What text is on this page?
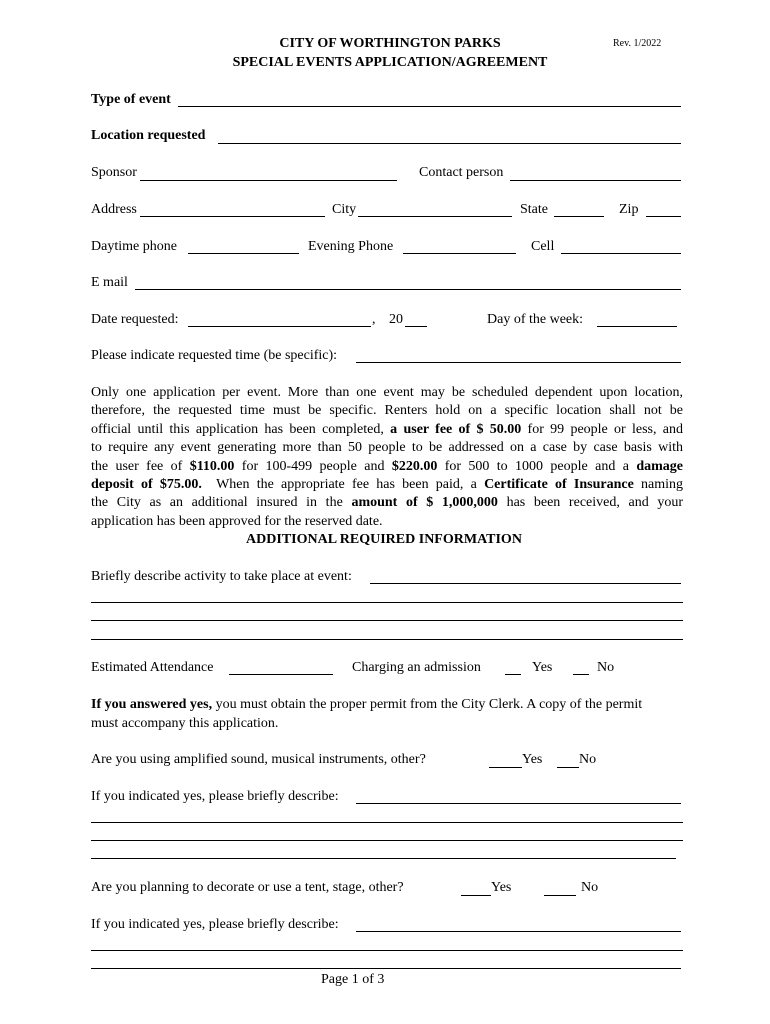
CITY OF WORTHINGTON PARKS
SPECIAL EVENTS APPLICATION/AGREEMENT
Rev. 1/2022
Type of event
Location requested
Sponsor	Contact person
Address	City	State	Zip
Daytime phone	Evening Phone	Cell
E mail
Date requested:	, 20	Day of the week:
Please indicate requested time (be specific):
Only one application per event. More than one event may be scheduled dependent upon location,
therefore, the requested time must be specific. Renters hold on a specific location shall not be
official until this application has been completed, a user fee of $ 50.00 for 99 people or less, and
to require any event generating more than 50 people to be addressed on a case by case basis with
the user fee of $110.00 for 100-499 people and $220.00 for 500 to 1000 people and a damage
deposit of $75.00.  When the appropriate fee has been paid, a Certificate of Insurance naming
the City as an additional insured in the amount of $ 1,000,000 has been received, and your
application has been approved for the reserved date.
ADDITIONAL REQUIRED INFORMATION
Briefly describe activity to take place at event:
Estimated Attendance	Charging an admission	Yes	No
If you answered yes, you must obtain the proper permit from the City Clerk. A copy of the permit must accompany this application.
Are you using amplified sound, musical instruments, other?	Yes	No
If you indicated yes, please briefly describe:
Are you planning to decorate or use a tent, stage, other?	Yes	No
If you indicated yes, please briefly describe:
Page 1 of 3
